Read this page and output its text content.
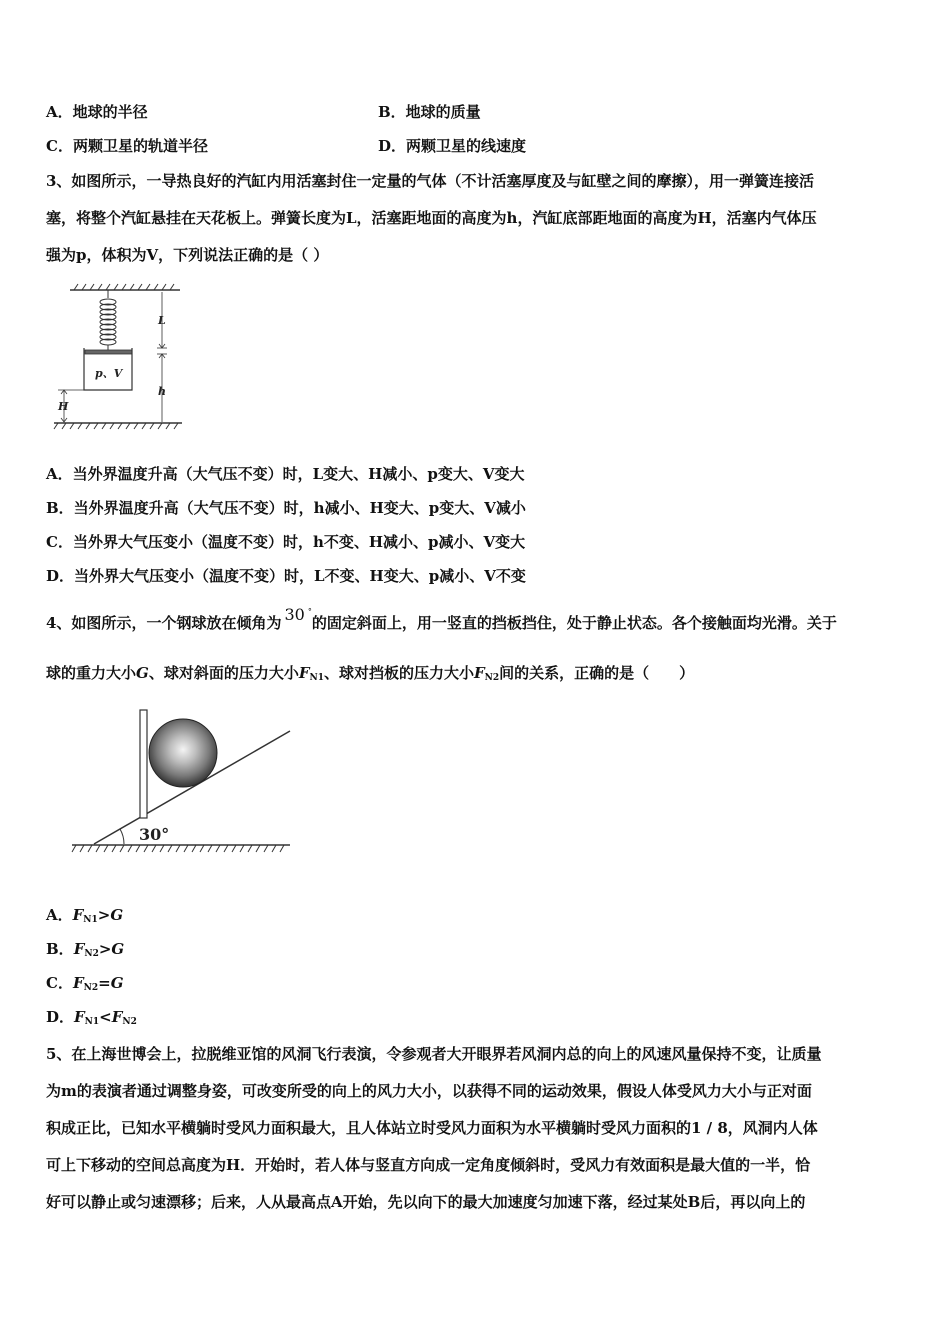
A．地球的半径	B．地球的质量
C．两颗卫星的轨道半径	D．两颗卫星的线速度
3、如图所示，一导热良好的汽缸内用活塞封住一定量的气体（不计活塞厚度及与缸壁之间的摩擦），用一弹簧连接活
塞，将整个汽缸悬挂在天花板上。弹簧长度为L，活塞距地面的高度为h，汽缸底部距地面的高度为H，活塞内气体压
强为p，体积为V，下列说法正确的是（ ）
p、V
L
h
H
A．当外界温度升高（大气压不变）时，L变大、H减小、p变大、V变大
B．当外界温度升高（大气压不变）时，h减小、H变大、p变大、V减小
C．当外界大气压变小（温度不变）时，h不变、H减小、p减小、V变大
D．当外界大气压变小（温度不变）时，L不变、H变大、p减小、V不变
4、如图所示，一个钢球放在倾角为 30 °的固定斜面上，用一竖直的挡板挡住，处于静止状态。各个接触面均光滑。关于
球的重力大小G、球对斜面的压力大小$F_{N1}$、球对挡板的压力大小$F_{N2}$间的关系，正确的是（　　）
30°
A．$F_{N1}>G$
B．$F_{N2}>G$
C．$F_{N2}=G$
D．$F_{N1}<F_{N2}$
5、在上海世博会上，拉脱维亚馆的风洞飞行表演，令参观者大开眼界若风洞内总的向上的风速风量保持不变，让质量
为m的表演者通过调整身姿，可改变所受的向上的风力大小，以获得不同的运动效果，假设人体受风力大小与正对面
积成正比，已知水平横躺时受风力面积最大，且人体站立时受风力面积为水平横躺时受风力面积的1 / 8，风洞内人体
可上下移动的空间总高度为H．开始时，若人体与竖直方向成一定角度倾斜时，受风力有效面积是最大值的一半，恰
好可以静止或匀速漂移；后来，人从最高点A开始，先以向下的最大加速度匀加速下落，经过某处B后，再以向上的
